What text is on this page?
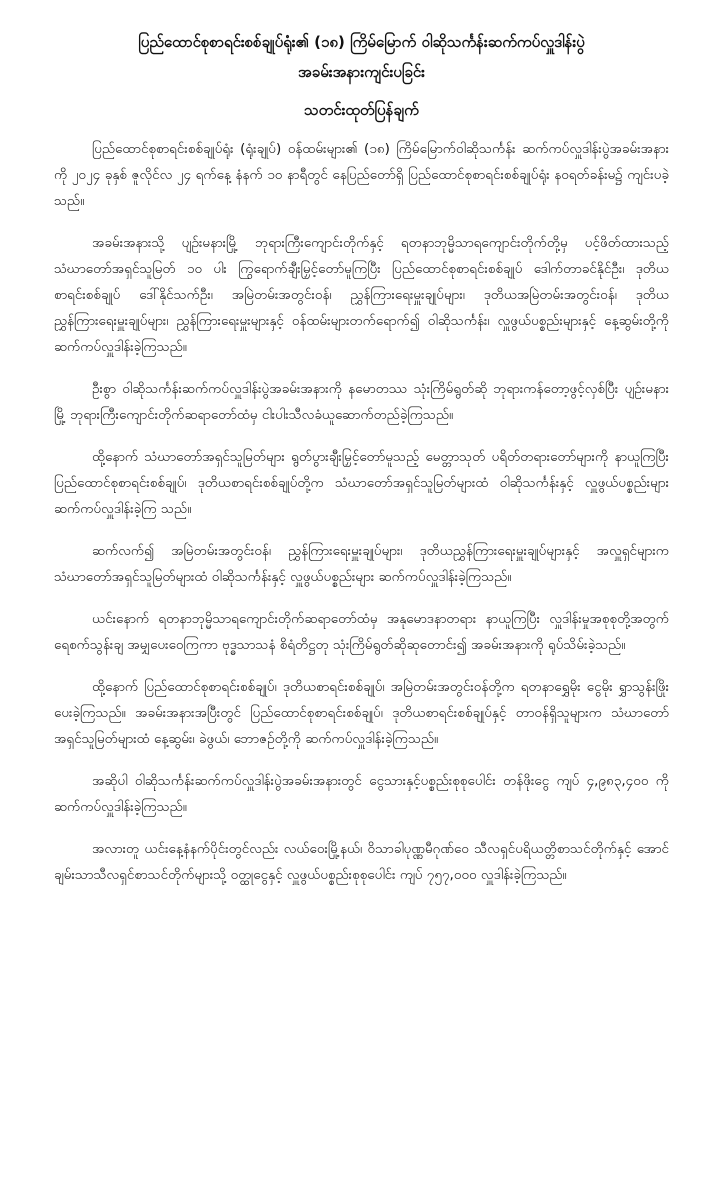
ပြည်ထောင်စုစာရင်းစစ်ချုပ်ရုံး၏ (၁၈) ကြိမ်မြောက် ဝါဆိုသင်္ကန်းဆက်ကပ်လှူဒါန်းပွဲ

အခမ်းအနားကျင်းပခြင်း

သတင်းထုတ်ပြန်ချက်

ပြည်ထောင်စုစာရင်းစစ်ချုပ်ရုံး (ရုံးချုပ်) ဝန်ထမ်းများ၏ (၁၈) ကြိမ်မြောက်ဝါဆိုသင်္ကန်း ဆက်ကပ်လှူဒါန်းပွဲအခမ်းအနားကို ၂၀၂၄ ခုနှစ် ဇူလိုင်လ ၂၄ ရက်နေ့ နံနက် ၁၀ နာရီတွင် နေပြည်တော်ရှိ ပြည်ထောင်စုစာရင်းစစ်ချုပ်ရုံး နဝရတ်ခန်းမ၌ ကျင်းပခဲ့သည်။

အခမ်းအနားသို့ ပျဉ်းမနားမြို့ ဘုရားကြီးကျောင်းတိုက်နှင့် ရတနာဘုမ္မိသာရကျောင်းတိုက်တို့မှ ပင့်ဖိတ်ထားသည့် သံဃာတော်အရှင်သူမြတ် ၁၀ ပါး ကြွရောက်ချီးမြှင့်တော်မူကြပြီး ပြည်ထောင်စုစာရင်းစစ်ချုပ် ဒေါက်တာခင်နိုင်ဦး၊ ဒုတိယစာရင်းစစ်ချုပ် ဒေါ်နိုင်သက်ဦး၊ အမြဲတမ်းအတွင်းဝန်၊ ညွှန်ကြားရေးမှူးချုပ်များ၊ ဒုတိယအမြဲတမ်းအတွင်းဝန်၊ ဒုတိယညွှန်ကြားရေးမှူးချုပ်များ၊ ညွှန်ကြားရေးမှူးများနှင့် ဝန်ထမ်းများတက်ရောက်၍ ဝါဆိုသင်္ကန်း၊ လှူဖွယ်ပစ္စည်းများနှင့် နေ့ဆွမ်းတို့ကို ဆက်ကပ်လှူဒါန်းခဲ့ကြသည်။

ဦးစွာ ဝါဆိုသင်္ကန်းဆက်ကပ်လှူဒါန်းပွဲအခမ်းအနားကို နမောတဿ သုံးကြိမ်ရွတ်ဆို ဘုရားကန်တော့ဖွင့်လှစ်ပြီး ပျဉ်းမနားမြို့ ဘုရားကြီးကျောင်းတိုက်ဆရာတော်ထံမှ ငါးပါးသီလခံယူဆောက်တည်ခဲ့ကြသည်။

ထို့နောက် သံဃာတော်အရှင်သူမြတ်များ ရွတ်ပွားချီးမြှင့်တော်မူသည့် မေတ္တာသုတ် ပရိတ်တရားတော်များကို နာယူကြပြီး ပြည်ထောင်စုစာရင်းစစ်ချုပ်၊ ဒုတိယစာရင်းစစ်ချုပ်တို့က သံဃာတော်အရှင်သူမြတ်များထံ ဝါဆိုသင်္ကန်းနှင့် လှူဖွယ်ပစ္စည်းများ ဆက်ကပ်လှူဒါန်းခဲ့ကြ သည်။

ဆက်လက်၍ အမြဲတမ်းအတွင်းဝန်၊ ညွှန်ကြားရေးမှူးချုပ်များ၊ ဒုတိယညွှန်ကြားရေးမှူးချုပ်များနှင့် အလှူရှင်များက သံဃာတော်အရှင်သူမြတ်များထံ ဝါဆိုသင်္ကန်းနှင့် လှူဖွယ်ပစ္စည်းများ ဆက်ကပ်လှူဒါန်းခဲ့ကြသည်။

ယင်းနောက် ရတနာဘုမ္မိသာရကျောင်းတိုက်ဆရာတော်ထံမှ အနုမောဒနာတရား နာယူကြပြီး လှူဒါန်းမှုအစုစုတို့အတွက် ရေစက်သွန်းချ အမျှပေးဝေကြကာ ဗုဒ္ဓသာသနံ စိရံတိဋ္ဌတု သုံးကြိမ်ရွတ်ဆိုဆုတောင်း၍ အခမ်းအနားကို ရုပ်သိမ်းခဲ့သည်။

ထို့နောက် ပြည်ထောင်စုစာရင်းစစ်ချုပ်၊ ဒုတိယစာရင်းစစ်ချုပ်၊ အမြဲတမ်းအတွင်းဝန်တို့က ရတနာရွှေမိုး ငွေမိုး ရွှာသွန်းဖြိုးပေးခဲ့ကြသည်။ အခမ်းအနားအပြီးတွင် ပြည်ထောင်စုစာရင်းစစ်ချုပ်၊ ဒုတိယစာရင်းစစ်ချုပ်နှင့် တာဝန်ရှိသူများက သံဃာတော်အရှင်သူမြတ်များထံ နေ့ဆွမ်း၊ ခဲဖွယ်၊ ဘောဇဉ်တို့ကို ဆက်ကပ်လှူဒါန်းခဲ့ကြသည်။

အဆိုပါ ဝါဆိုသင်္ကန်းဆက်ကပ်လှူဒါန်းပွဲအခမ်းအနားတွင် ငွေသားနှင့်ပစ္စည်းစုစုပေါင်း တန်ဖိုးငွေ ကျပ် ၄,၉၈၃,၄၀၀ ကို ဆက်ကပ်လှူဒါန်းခဲ့ကြသည်။

အလားတူ ယင်းနေ့နံနက်ပိုင်းတွင်လည်း လယ်ဝေးမြို့နယ်၊ ဝိသာခါပုဏ္ဏမီဂုဏ်ဝေ သီလရှင်ပရိယတ္တိစာသင်တိုက်နှင့် အောင်ချမ်းသာသီလရှင်စာသင်တိုက်များသို့ ဝတ္ထုငွေနှင့် လှူဖွယ်ပစ္စည်းစုစုပေါင်း ကျပ် ၇၅၇,၀၀၀ လှူဒါန်းခဲ့ကြသည်။
